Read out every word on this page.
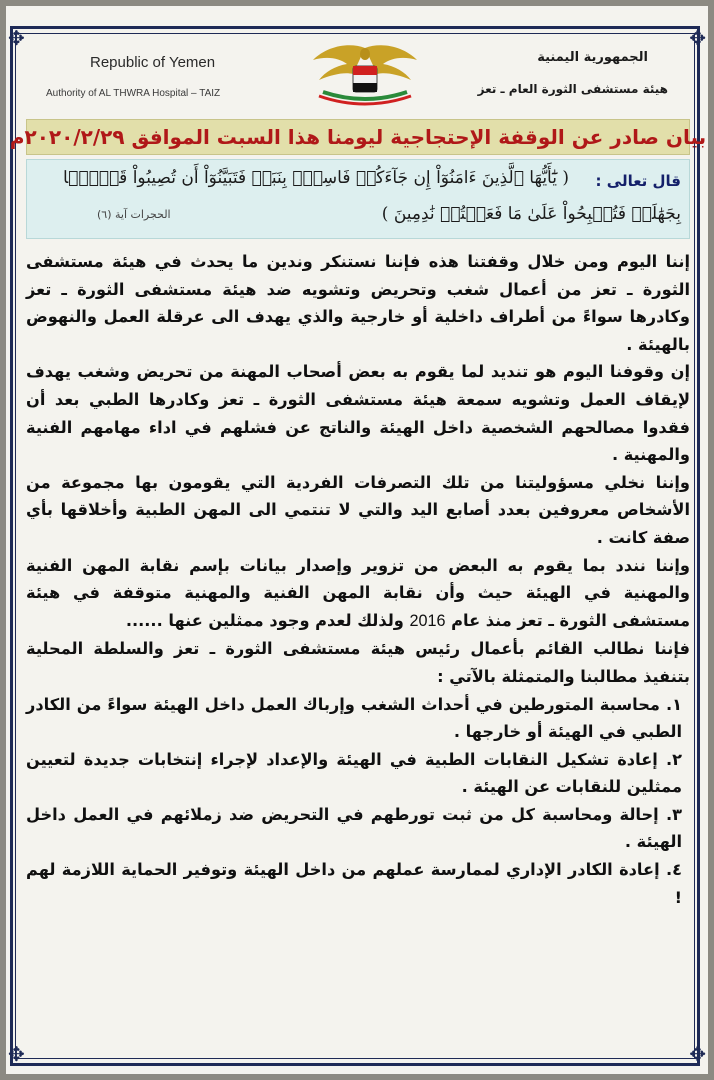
✥	✥
✥	✥
Republic of Yemen
Authority of AL THWRA Hospital – TAIZ
الجمهورية اليمنية
هيئة مستشفى الثورة العام ـ تعز
بيان صادر عن الوقفة الإحتجاجية ليومنا هذا السبت الموافق ٢٠٢٠/٢/٢٩م
قال تعالى :
( يَٰٓأَيُّهَا ٱلَّذِينَ ءَامَنُوٓاْ إِن جَآءَكُمۡ فَاسِقُۢ بِنَبَإٖ فَتَبَيَّنُوٓاْ أَن تُصِيبُواْ قَوۡمَۢا
بِجَهَٰلَةٖ فَتُصۡبِحُواْ عَلَىٰ مَا فَعَلۡتُمۡ نَٰدِمِينَ )
الحجرات آية (٦)

إننا اليوم ومن خلال وقفتنا هذه فإننا نستنكر وندين ما يحدث في هيئة مستشفى الثورة ـ تعز من أعمال شغب وتحريض وتشويه ضد هيئة مستشفى الثورة ـ تعز وكادرها سواءً من أطراف داخلية أو خارجية والذي يهدف الى عرقلة العمل والنهوض بالهيئة .

إن وقوفنا اليوم هو تنديد لما يقوم به بعض أصحاب المهنة من تحريض وشغب يهدف لإيقاف العمل وتشويه سمعة هيئة مستشفى الثورة ـ تعز وكادرها الطبي بعد أن فقدوا مصالحهم الشخصية داخل الهيئة والناتج عن فشلهم في اداء مهامهم الفنية والمهنية .

وإننا نخلي مسؤوليتنا من تلك التصرفات الفردية التي يقومون بها مجموعة من الأشخاص معروفين بعدد أصابع اليد والتي لا تنتمي الى المهن الطبية وأخلاقها بأي صفة كانت .

وإننا نندد بما يقوم به البعض من تزوير وإصدار بيانات بإسم نقابة المهن الفنية والمهنية في الهيئة حيث وأن نقابة المهن الفنية والمهنية متوقفة في هيئة مستشفى الثورة ـ تعز منذ عام 2016 ولذلك لعدم وجود ممثلين عنها ......

فإننا نطالب القائم بأعمال رئيس هيئة مستشفى الثورة ـ تعز والسلطة المحلية بتنفيذ مطالبنا والمتمثلة بالآتي :

١. محاسبة المتورطين في أحداث الشغب وإرباك العمل داخل الهيئة سواءً من الكادر الطبي في الهيئة أو خارجها .

٢. إعادة تشكيل النقابات الطبية في الهيئة والإعداد لإجراء إنتخابات جديدة لتعيين ممثلين للنقابات عن الهيئة .

٣. إحالة ومحاسبة كل من ثبت تورطهم في التحريض ضد زملائهم في العمل داخل الهيئة .

٤. إعادة الكادر الإداري لممارسة عملهم من داخل الهيئة وتوفير الحماية اللازمة لهم !
